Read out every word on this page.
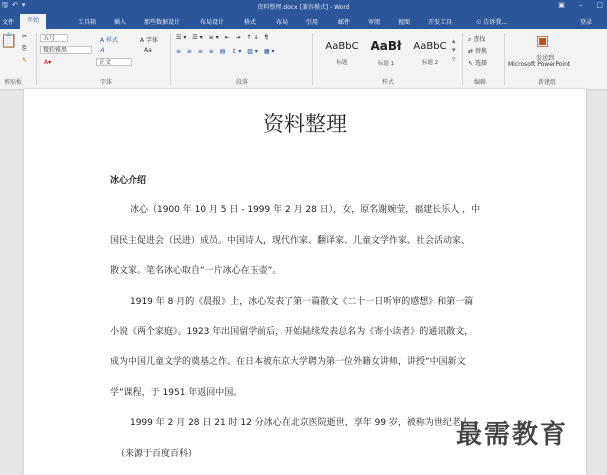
🖫 ↶ ▾	资料整理.docx [兼容模式] - Word	▣ – □
文件	开始	工具箱	插入	那些数据设计	布局设计	格式	布局	引用	邮件	审阅	视图	开发工具	☉ 告诉我...	登录
📋 ✂
⎘
✎
剪贴板
五号
微软雅黑
正文
A 样式	A 字体
𝐴	Aa
A▾
字体
☰▾ ☰▾ ≡▾ ⇤ ⇥ ↑↓ ¶
≡ ≡ ≡ ≡ ▤ ↕▾ ▧▾ ▦▾
段落
AaBbC
标题
AaBł
标题 1
AaBbC
标题 2
▴
▾
▿
样式
⌕ 查找
⇄ 替换
↖ 选择
编辑
▣
发送到
Microsoft PowerPoint
新建组
资料整理
冰心介绍
冰心（1900 年 10 月 5 日 - 1999 年 2 月 28 日），女，原名谢婉莹，福建长乐人 ，中
国民主促进会（民进）成员。中国诗人，现代作家、翻译家、儿童文学作家、社会活动家、
散文家。笔名冰心取自“一片冰心在玉壶”。
1919 年 8 月的《晨报》上，冰心发表了第一篇散文《二十一日听审的感想》和第一篇
小说《两个家庭》。1923 年出国留学前后，开始陆续发表总名为《寄小读者》的通讯散文，
成为中国儿童文学的奠基之作。在日本被东京大学聘为第一位外籍女讲师，讲授“中国新文
学”课程，于 1951 年返回中国。
1999 年 2 月 28 日 21 时 12 分冰心在北京医院逝世，享年 99 岁，被称为世纪老人
（来源于百度百科）
最需教育
